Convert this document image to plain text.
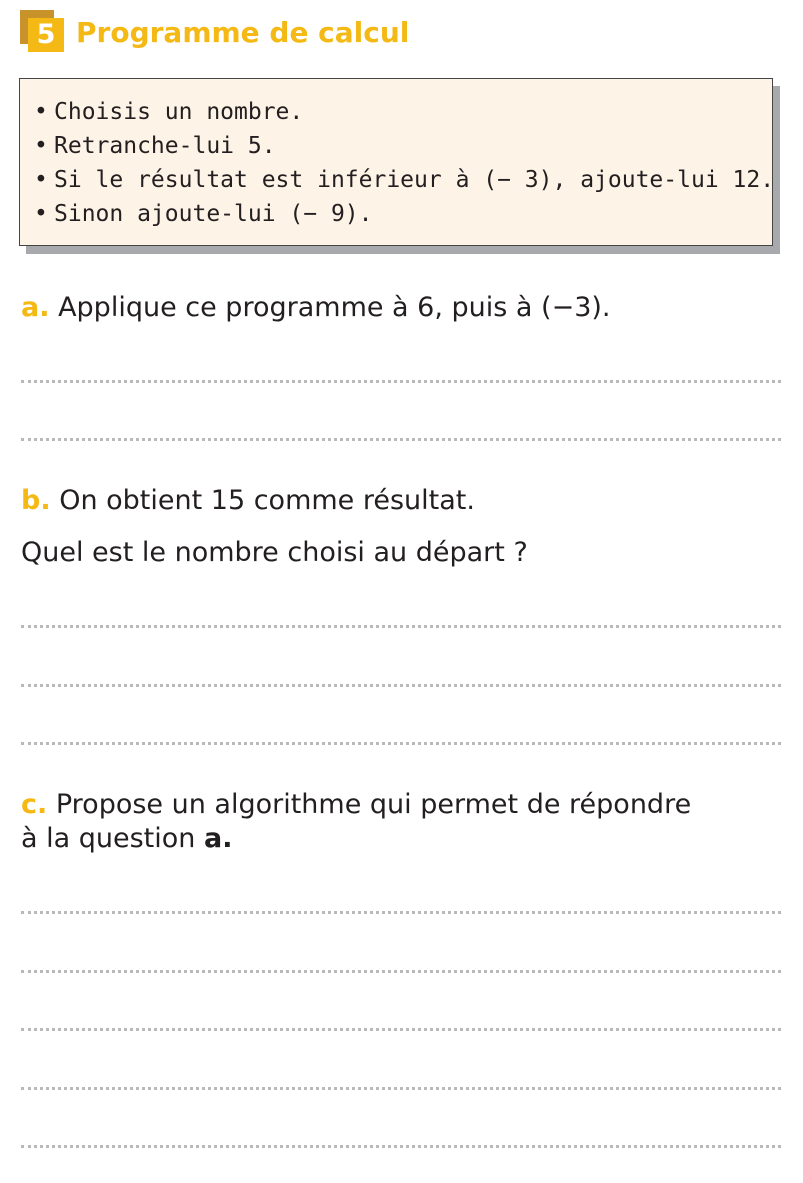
5 Programme de calcul
• Choisis un nombre.
• Retranche-lui 5.
• Si le résultat est inférieur à (− 3), ajoute-lui 12.
• Sinon ajoute-lui (− 9).
a. Applique ce programme à 6, puis à (−3).
b. On obtient 15 comme résultat.
Quel est le nombre choisi au départ ?
c. Propose un algorithme qui permet de répondre
à la question a.
